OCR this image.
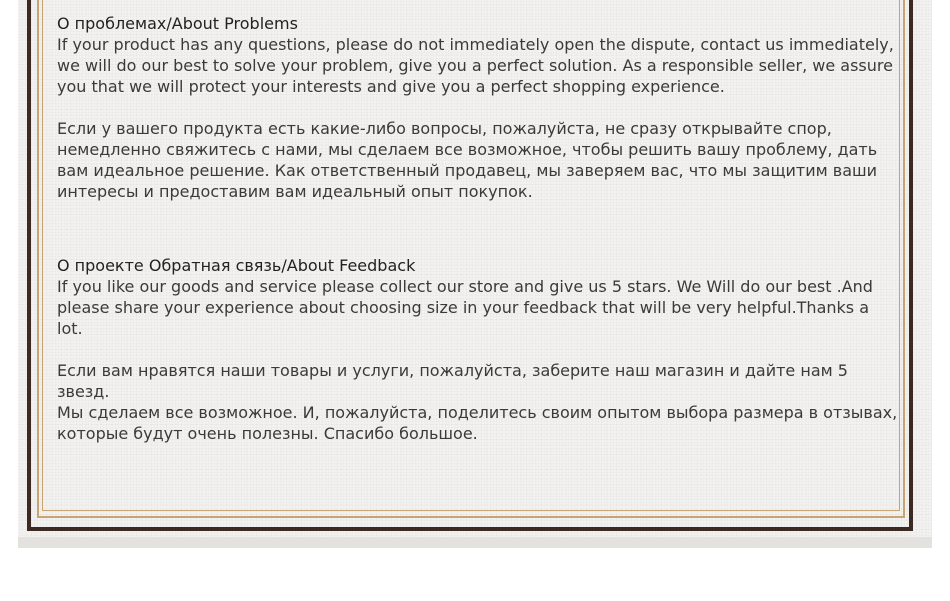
О проблемах/About Problems

If your product has any questions, please do not immediately open the dispute, contact us immediately,
we will do our best to solve your problem, give you a perfect solution. As a responsible seller, we assure
you that we will protect your interests and give you a perfect shopping experience.

Если у вашего продукта есть какие-либо вопросы, пожалуйста, не сразу открывайте спор,
немедленно свяжитесь с нами, мы сделаем все возможное, чтобы решить вашу проблему, дать
вам идеальное решение. Как ответственный продавец, мы заверяем вас, что мы защитим ваши
интересы и предоставим вам идеальный опыт покупок.

О проекте Обратная связь/About Feedback

If you like our goods and service please collect our store and give us 5 stars. We Will do our best .And
please share your experience about choosing size in your feedback that will be very helpful.Thanks a
lot.

Если вам нравятся наши товары и услуги, пожалуйста, заберите наш магазин и дайте нам 5 звезд.
Мы сделаем все возможное. И, пожалуйста, поделитесь своим опытом выбора размера в отзывах,
которые будут очень полезны. Спасибо большое.
